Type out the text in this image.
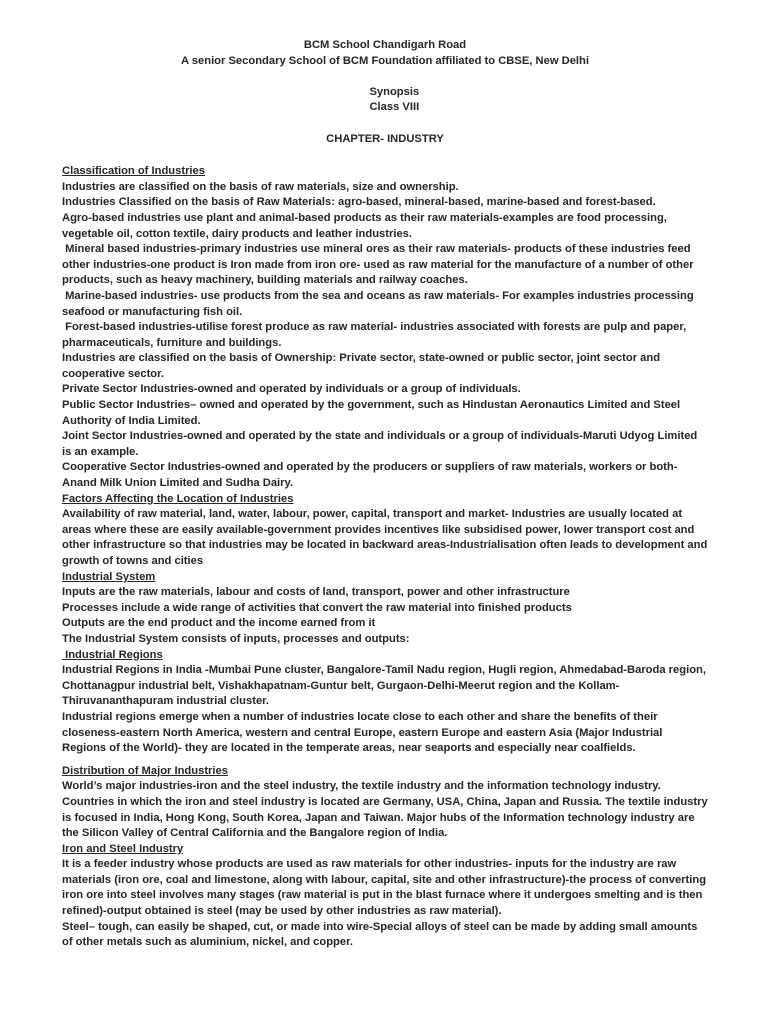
BCM School Chandigarh Road
A senior Secondary School of BCM Foundation affiliated to CBSE, New Delhi

Synopsis
Class VIII

CHAPTER- INDUSTRY

Classification of Industries

Industries are classified on the basis of raw materials, size and ownership.

Industries Classified on the basis of Raw Materials: agro-based, mineral-based, marine-based and forest-based.

Agro-based industries use plant and animal-based products as their raw materials-examples are food processing, vegetable oil, cotton textile, dairy products and leather industries.

Mineral based industries-primary industries use mineral ores as their raw materials- products of these industries feed other industries-one product is Iron made from iron ore- used as raw material for the manufacture of a number of other products, such as heavy machinery, building materials and railway coaches.

Marine-based industries- use products from the sea and oceans as raw materials- For examples industries processing seafood or manufacturing fish oil.

Forest-based industries-utilise forest produce as raw material- industries associated with forests are pulp and paper, pharmaceuticals, furniture and buildings.

Industries are classified on the basis of Ownership: Private sector, state-owned or public sector, joint sector and cooperative sector.

Private Sector Industries-owned and operated by individuals or a group of individuals.

Public Sector Industries– owned and operated by the government, such as Hindustan Aeronautics Limited and Steel Authority of India Limited.

Joint Sector Industries-owned and operated by the state and individuals or a group of individuals-Maruti Udyog Limited is an example.

Cooperative Sector Industries-owned and operated by the producers or suppliers of raw materials, workers or both-Anand Milk Union Limited and Sudha Dairy.

Factors Affecting the Location of Industries

Availability of raw material, land, water, labour, power, capital, transport and market- Industries are usually located at areas where these are easily available-government provides incentives like subsidised power, lower transport cost and other infrastructure so that industries may be located in backward areas-Industrialisation often leads to development and growth of towns and cities

Industrial System

Inputs are the raw materials, labour and costs of land, transport, power and other infrastructure

Processes include a wide range of activities that convert the raw material into finished products

Outputs are the end product and the income earned from it

The Industrial System consists of inputs, processes and outputs:

Industrial Regions

Industrial Regions in India -Mumbai Pune cluster, Bangalore-Tamil Nadu region, Hugli region, Ahmedabad-Baroda region, Chottanagpur industrial belt, Vishakhapatnam-Guntur belt, Gurgaon-Delhi-Meerut region and the Kollam-Thiruvananthapuram industrial cluster.

Industrial regions emerge when a number of industries locate close to each other and share the benefits of their closeness-eastern North America, western and central Europe, eastern Europe and eastern Asia (Major Industrial Regions of the World)- they are located in the temperate areas, near seaports and especially near coalfields.

Distribution of Major Industries

World’s major industries-iron and the steel industry, the textile industry and the information technology industry. Countries in which the iron and steel industry is located are Germany, USA, China, Japan and Russia. The textile industry is focused in India, Hong Kong, South Korea, Japan and Taiwan. Major hubs of the Information technology industry are the Silicon Valley of Central California and the Bangalore region of India.

Iron and Steel Industry

It is a feeder industry whose products are used as raw materials for other industries- inputs for the industry are raw materials (iron ore, coal and limestone, along with labour, capital, site and other infrastructure)-the process of converting iron ore into steel involves many stages (raw material is put in the blast furnace where it undergoes smelting and is then refined)-output obtained is steel (may be used by other industries as raw material).

Steel– tough, can easily be shaped, cut, or made into wire-Special alloys of steel can be made by adding small amounts of other metals such as aluminium, nickel, and copper.
